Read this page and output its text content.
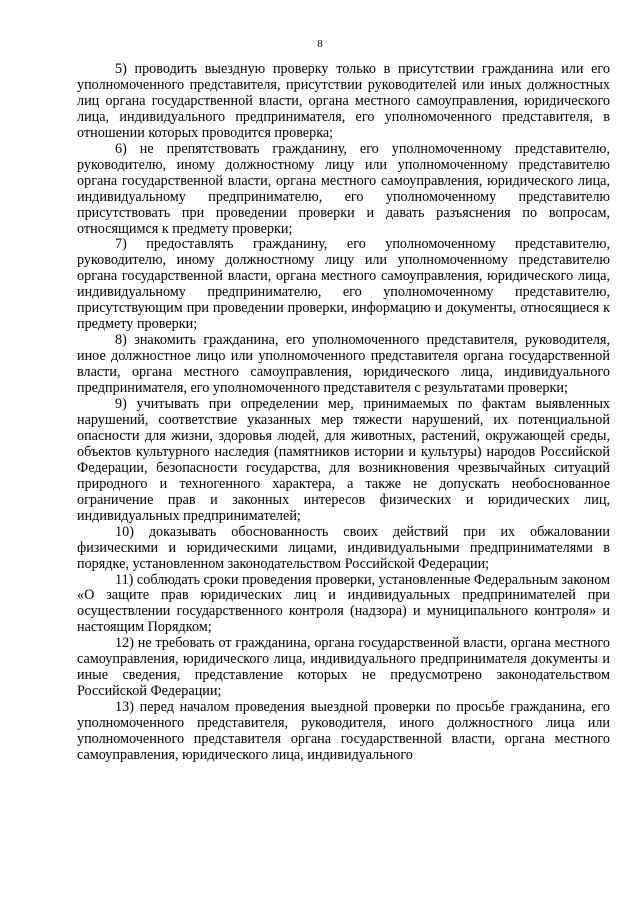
8

5) проводить выездную проверку только в присутствии гражданина или его уполномоченного представителя, присутствии руководителей или иных должностных лиц органа государственной власти, органа местного самоуправления, юридического лица, индивидуального предпринимателя, его уполномоченного представителя, в отношении которых проводится проверка;

6) не препятствовать гражданину, его уполномоченному представителю, руководителю, иному должностному лицу или уполномоченному представителю органа государственной власти, органа местного самоуправления, юридического лица, индивидуальному предпринимателю, его уполномоченному представителю присутствовать при проведении проверки и давать разъяснения по вопросам, относящимся к предмету проверки;

7) предоставлять гражданину, его уполномоченному представителю, руководителю, иному должностному лицу или уполномоченному представителю органа государственной власти, органа местного самоуправления, юридического лица, индивидуальному предпринимателю, его уполномоченному представителю, присутствующим при проведении проверки, информацию и документы, относящиеся к предмету проверки;

8) знакомить гражданина, его уполномоченного представителя, руководителя, иное должностное лицо или уполномоченного представителя органа государственной власти, органа местного самоуправления, юридического лица, индивидуального предпринимателя, его уполномоченного представителя с результатами проверки;

9) учитывать при определении мер, принимаемых по фактам выявленных нарушений, соответствие указанных мер тяжести нарушений, их потенциальной опасности для жизни, здоровья людей, для животных, растений, окружающей среды, объектов культурного наследия (памятников истории и культуры) народов Российской Федерации, безопасности государства, для возникновения чрезвычайных ситуаций природного и техногенного характера, а также не допускать необоснованное ограничение прав и законных интересов физических и юридических лиц, индивидуальных предпринимателей;

10) доказывать обоснованность своих действий при их обжаловании физическими и юридическими лицами, индивидуальными предпринимателями в порядке, установленном законодательством Российской Федерации;

11) соблюдать сроки проведения проверки, установленные Федеральным законом «О защите прав юридических лиц и индивидуальных предпринимателей при осуществлении государственного контроля (надзора) и муниципального контроля» и настоящим Порядком;

12) не требовать от гражданина, органа государственной власти, органа местного самоуправления, юридического лица, индивидуального предпринимателя документы и иные сведения, представление которых не предусмотрено законодательством Российской Федерации;

13) перед началом проведения выездной проверки по просьбе гражданина, его уполномоченного представителя, руководителя, иного должностного лица или уполномоченного представителя органа государственной власти, органа местного самоуправления, юридического лица, индивидуального
